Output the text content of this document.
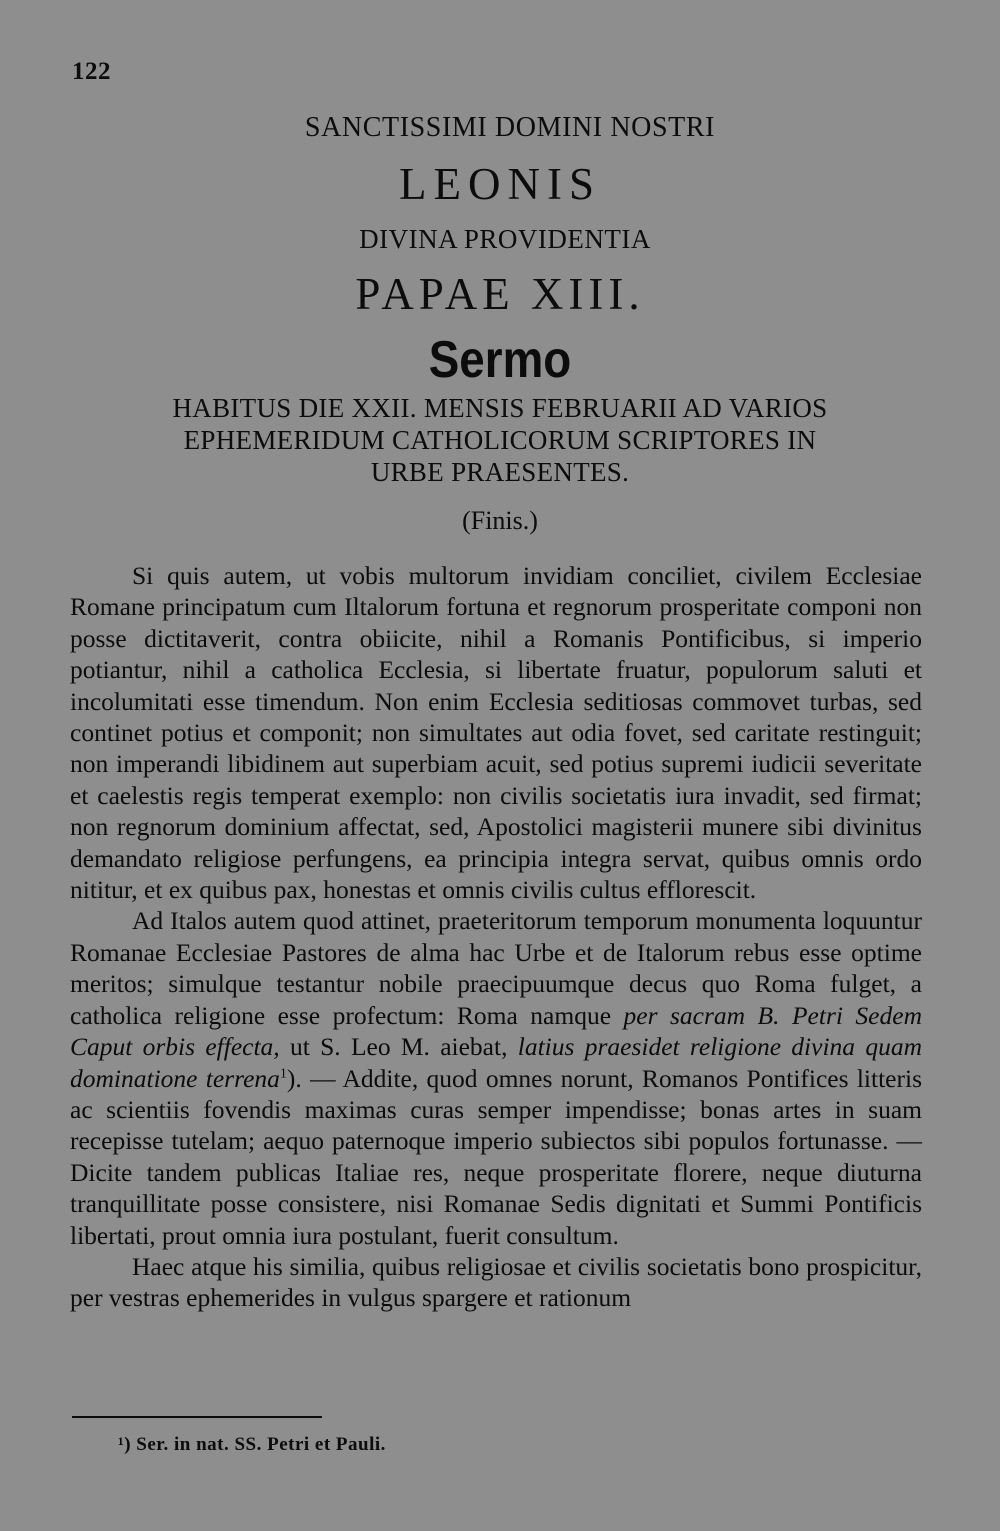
122
SANCTISSIMI DOMINI NOSTRI
LEONIS
DIVINA PROVIDENTIA
PAPAE XIII.
Sermo
HABITUS DIE XXII. MENSIS FEBRUARII AD VARIOS
EPHEMERIDUM CATHOLICORUM SCRIPTORES IN
URBE PRAESENTES.
(Finis.)

Si quis autem, ut vobis multorum invidiam conciliet, civilem Ecclesiae Romane principatum cum Iltalorum fortuna et regnorum prosperitate componi non posse dictitaverit, contra obiicite, nihil a Romanis Pontificibus, si imperio potiantur, nihil a catholica Ecclesia, si libertate fruatur, populorum saluti et incolumitati esse timendum. Non enim Ecclesia seditiosas commovet turbas, sed continet potius et componit; non simultates aut odia fovet, sed caritate restinguit; non imperandi libidinem aut superbiam acuit, sed potius supremi iudicii severitate et caelestis regis temperat exemplo: non civilis societatis iura invadit, sed firmat; non regnorum dominium affectat, sed, Apostolici magisterii munere sibi divinitus demandato religiose perfungens, ea principia integra servat, quibus omnis ordo nititur, et ex quibus pax, honestas et omnis civilis cultus efflorescit.

Ad Italos autem quod attinet, praeteritorum temporum monumenta loquuntur Romanae Ecclesiae Pastores de alma hac Urbe et de Italorum rebus esse optime meritos; simulque testantur nobile praecipuumque decus quo Roma fulget, a catholica religione esse profectum: Roma namque per sacram B. Petri Sedem Caput orbis effecta, ut S. Leo M. aiebat, latius praesidet religione divina quam dominatione terrena$^1$). — Addite, quod omnes norunt, Romanos Pontifices litteris ac scientiis fovendis maximas curas semper impendisse; bonas artes in suam recepisse tutelam; aequo paternoque imperio subiectos sibi populos fortunasse. — Dicite tandem publicas Italiae res, neque prosperitate florere, neque diuturna tranquillitate posse consistere, nisi Romanae Sedis dignitati et Summi Pontificis libertati, prout omnia iura postulant, fuerit consultum.

Haec atque his similia, quibus religiosae et civilis societatis bono prospicitur, per vestras ephemerides in vulgus spargere et rationum

¹) Ser. in nat. SS. Petri et Pauli.
